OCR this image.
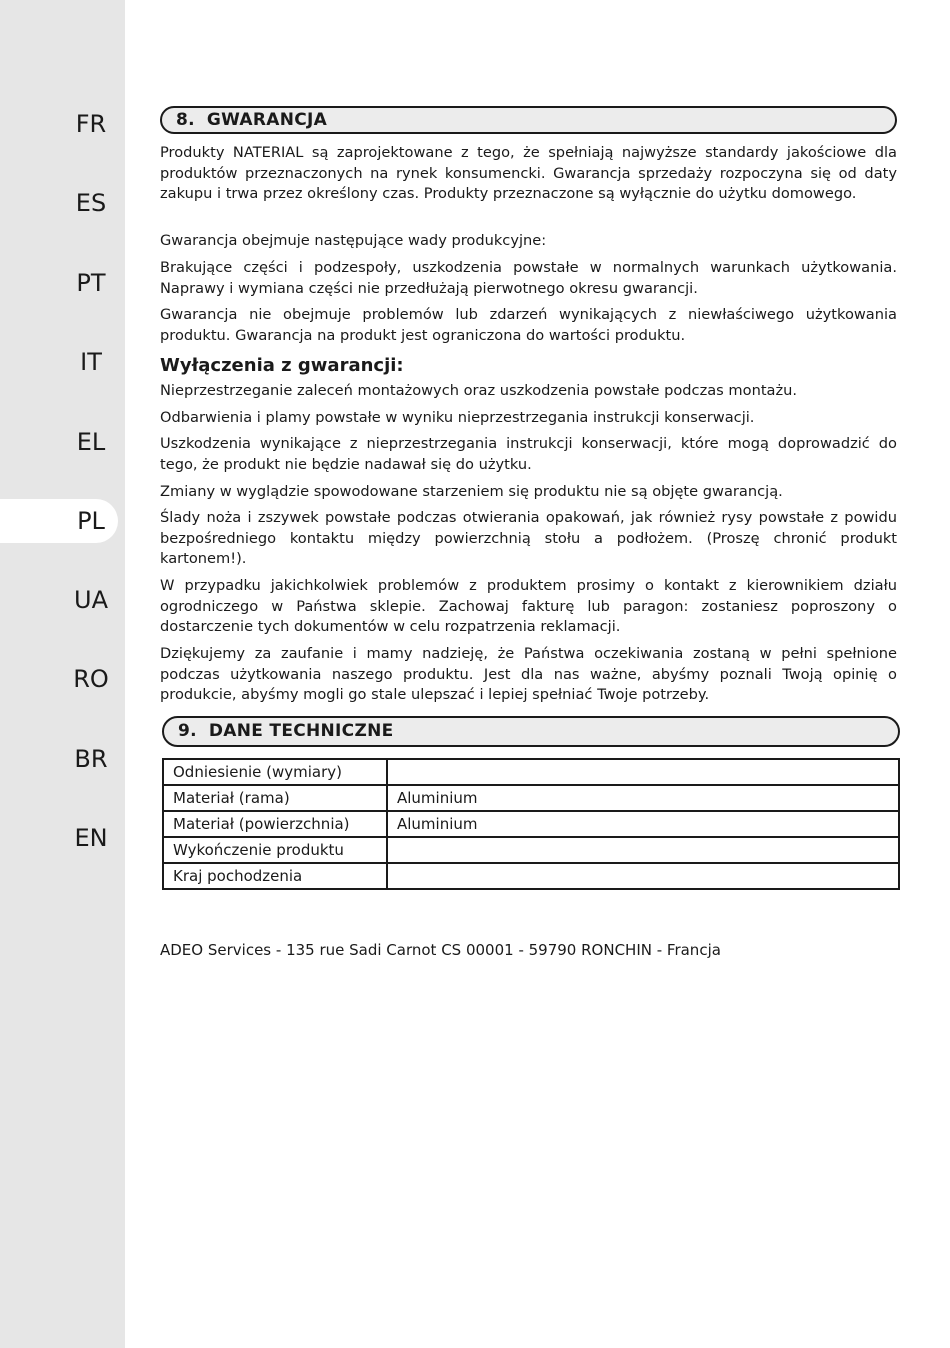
FR
ES
PT
IT
EL
PL
UA
RO
BR
EN
8. GWARANCJA

Produkty NATERIAL są zaprojektowane z tego, że spełniają najwyższe standardy jakościowe dla produktów przeznaczonych na rynek konsumencki. Gwarancja sprzedaży rozpoczyna się od daty zakupu i trwa przez określony czas. Produkty przeznaczone są wyłącznie do użytku domowego.

Gwarancja obejmuje następujące wady produkcyjne:

Brakujące części i podzespoły, uszkodzenia powstałe w normalnych warunkach użytkowania. Naprawy i wymiana części nie przedłużają pierwotnego okresu gwarancji.

Gwarancja nie obejmuje problemów lub zdarzeń wynikających z niewłaściwego użytkowania produktu. Gwarancja na produkt jest ograniczona do wartości produktu.

Wyłączenia z gwarancji:

Nieprzestrzeganie zaleceń montażowych oraz uszkodzenia powstałe podczas montażu.

Odbarwienia i plamy powstałe w wyniku nieprzestrzegania instrukcji konserwacji.

Uszkodzenia wynikające z nieprzestrzegania instrukcji konserwacji, które mogą doprowadzić do tego, że produkt nie będzie nadawał się do użytku.

Zmiany w wyglądzie spowodowane starzeniem się produktu nie są objęte gwarancją.

Ślady noża i zszywek powstałe podczas otwierania opakowań, jak również rysy powstałe z powidu bezpośredniego kontaktu między powierzchnią stołu a podłożem. (Proszę chronić produkt kartonem!).

W przypadku jakichkolwiek problemów z produktem prosimy o kontakt z kierownikiem działu ogrodniczego w Państwa sklepie. Zachowaj fakturę lub paragon: zostaniesz poproszony o dostarczenie tych dokumentów w celu rozpatrzenia reklamacji.

Dziękujemy za zaufanie i mamy nadzieję, że Państwa oczekiwania zostaną w pełni spełnione podczas użytkowania naszego produktu. Jest dla nas ważne, abyśmy poznali Twoją opinię o produkcie, abyśmy mogli go stale ulepszać i lepiej spełniać Twoje potrzeby.

9. DANE TECHNICZNE
Odniesienie (wymiary)	
Materiał (rama)	Aluminium
Materiał (powierzchnia)	Aluminium
Wykończenie produktu	
Kraj pochodzenia	
ADEO Services - 135 rue Sadi Carnot CS 00001 - 59790 RONCHIN - Francja
